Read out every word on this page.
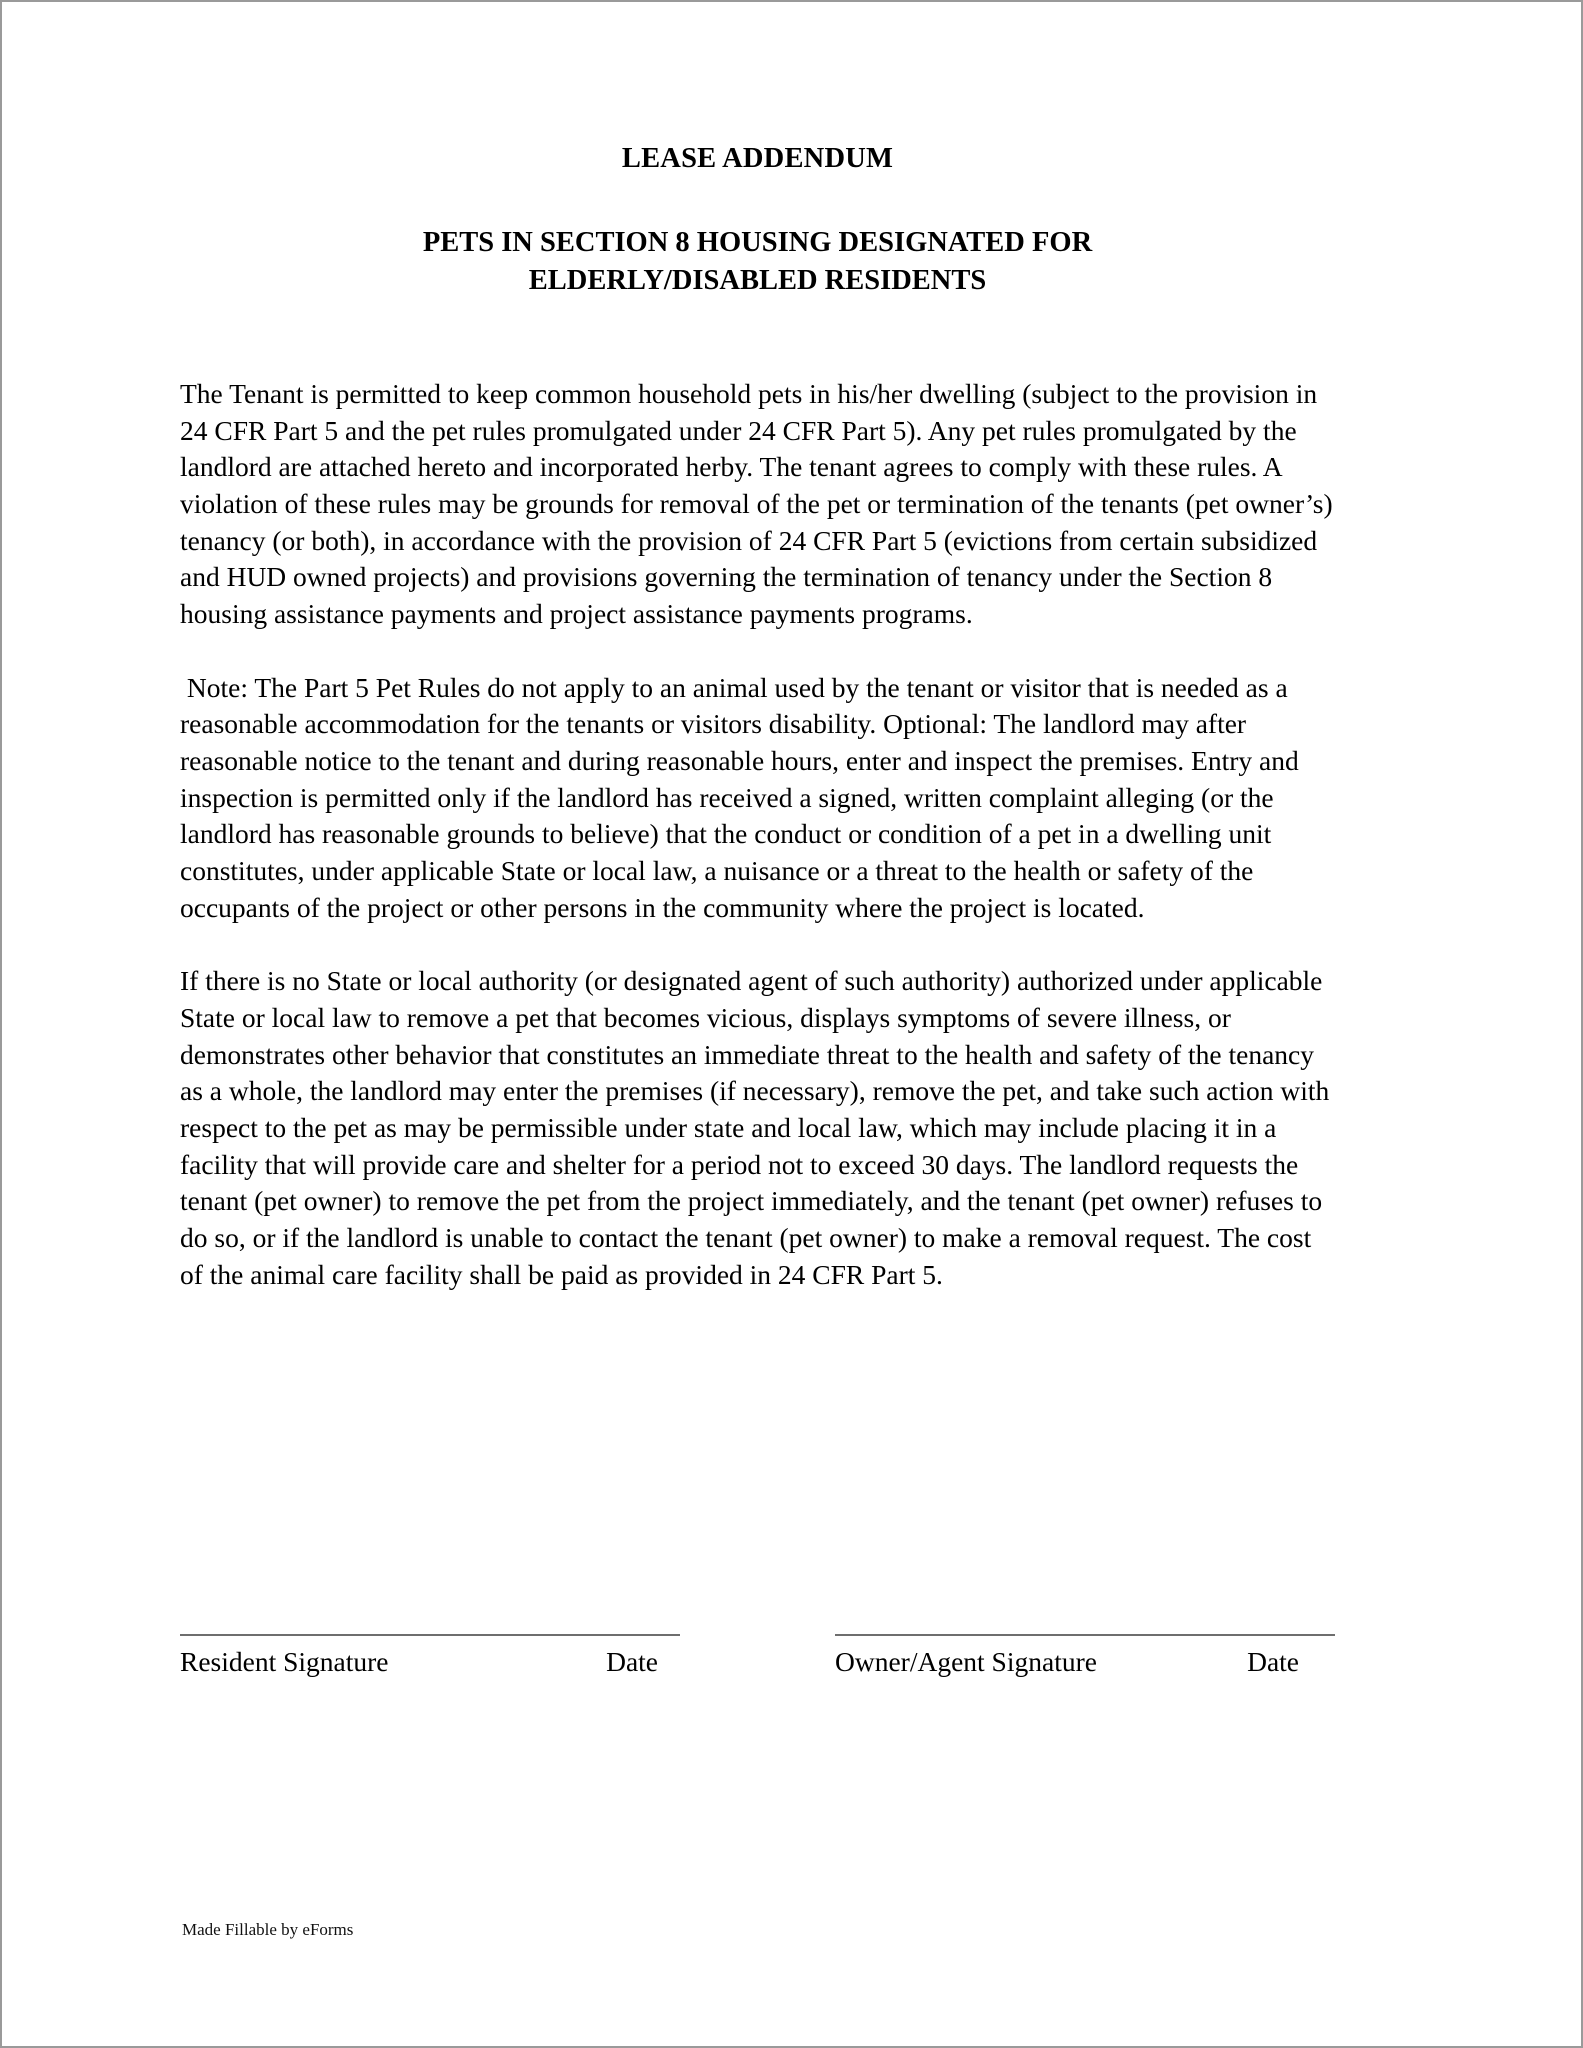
LEASE ADDENDUM
PETS IN SECTION 8 HOUSING DESIGNATED FOR
ELDERLY/DISABLED RESIDENTS

The Tenant is permitted to keep common household pets in his/her dwelling (subject to the provision in 24 CFR Part 5 and the pet rules promulgated under 24 CFR Part 5). Any pet rules promulgated by the landlord are attached hereto and incorporated herby. The tenant agrees to comply with these rules. A violation of these rules may be grounds for removal of the pet or termination of the tenants (pet owner’s) tenancy (or both), in accordance with the provision of 24 CFR Part 5 (evictions from certain subsidized and HUD owned projects) and provisions governing the termination of tenancy under the Section 8 housing assistance payments and project assistance payments programs.

Note: The Part 5 Pet Rules do not apply to an animal used by the tenant or visitor that is needed as a reasonable accommodation for the tenants or visitors disability. Optional: The landlord may after reasonable notice to the tenant and during reasonable hours, enter and inspect the premises. Entry and inspection is permitted only if the landlord has received a signed, written complaint alleging (or the landlord has reasonable grounds to believe) that the conduct or condition of a pet in a dwelling unit constitutes, under applicable State or local law, a nuisance or a threat to the health or safety of the occupants of the project or other persons in the community where the project is located.

If there is no State or local authority (or designated agent of such authority) authorized under applicable State or local law to remove a pet that becomes vicious, displays symptoms of severe illness, or demonstrates other behavior that constitutes an immediate threat to the health and safety of the tenancy as a whole, the landlord may enter the premises (if necessary), remove the pet, and take such action with respect to the pet as may be permissible under state and local law, which may include placing it in a facility that will provide care and shelter for a period not to exceed 30 days. The landlord requests the tenant (pet owner) to remove the pet from the project immediately, and the tenant (pet owner) refuses to do so, or if the landlord is unable to contact the tenant (pet owner) to make a removal request. The cost of the animal care facility shall be paid as provided in 24 CFR Part 5.

Resident Signature	Date	Owner/Agent Signature	Date
Made Fillable by eForms
